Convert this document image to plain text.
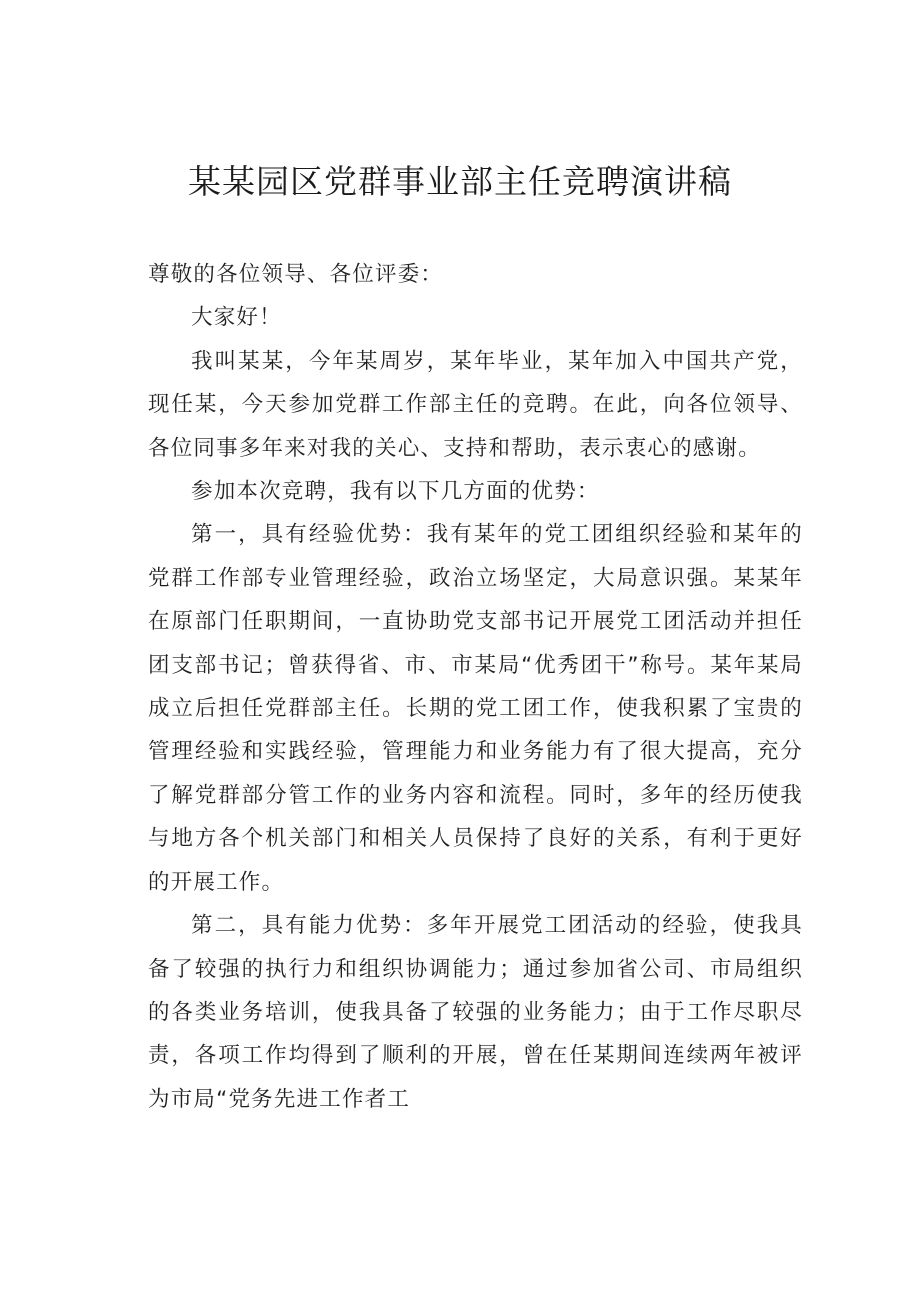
某某园区党群事业部主任竞聘演讲稿

尊敬的各位领导、各位评委：

大家好！

我叫某某，今年某周岁，某年毕业，某年加入中国共产党，现任某，今天参加党群工作部主任的竞聘。在此，向各位领导、各位同事多年来对我的关心、支持和帮助，表示衷心的感谢。

参加本次竞聘，我有以下几方面的优势：

第一，具有经验优势：我有某年的党工团组织经验和某年的党群工作部专业管理经验，政治立场坚定，大局意识强。某某年在原部门任职期间，一直协助党支部书记开展党工团活动并担任团支部书记；曾获得省、市、市某局“优秀团干”称号。某年某局成立后担任党群部主任。长期的党工团工作，使我积累了宝贵的管理经验和实践经验，管理能力和业务能力有了很大提高，充分了解党群部分管工作的业务内容和流程。同时，多年的经历使我与地方各个机关部门和相关人员保持了良好的关系，有利于更好的开展工作。

第二，具有能力优势：多年开展党工团活动的经验，使我具备了较强的执行力和组织协调能力；通过参加省公司、市局组织的各类业务培训，使我具备了较强的业务能力；由于工作尽职尽责，各项工作均得到了顺利的开展，曾在任某期间连续两年被评为市局“党务先进工作者工
